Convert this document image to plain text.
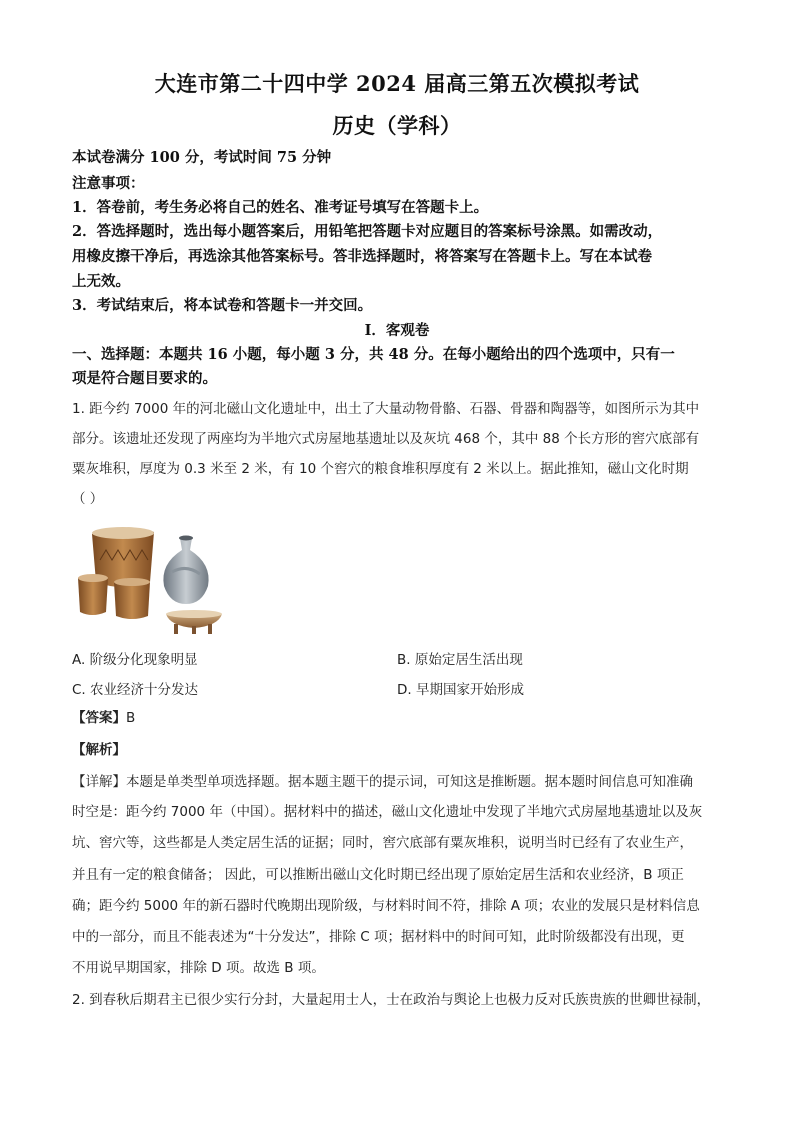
大连市第二十四中学 2024 届高三第五次模拟考试
历史（学科）
本试卷满分 100 分，考试时间 75 分钟
注意事项：
1．答卷前，考生务必将自己的姓名、准考证号填写在答题卡上。
2．答选择题时，选出每小题答案后，用铅笔把答题卡对应题目的答案标号涂黑。如需改动，
用橡皮擦干净后，再选涂其他答案标号。答非选择题时，将答案写在答题卡上。写在本试卷
上无效。
3．考试结束后，将本试卷和答题卡一并交回。
Ⅰ．客观卷
一、选择题：本题共 16 小题，每小题 3 分，共 48 分。在每小题给出的四个选项中，只有一
项是符合题目要求的。
1. 距今约 7000 年的河北磁山文化遗址中，出土了大量动物骨骼、石器、骨器和陶器等，如图所示为其中
部分。该遗址还发现了两座均为半地穴式房屋地基遗址以及灰坑 468 个，其中 88 个长方形的窖穴底部有
粟灰堆积，厚度为 0.3 米至 2 米，有 10 个窖穴的粮食堆积厚度有 2 米以上。据此推知，磁山文化时期
（ ）
A. 阶级分化现象明显	B. 原始定居生活出现
C. 农业经济十分发达	D. 早期国家开始形成
【答案】B
【解析】
【详解】本题是单类型单项选择题。据本题主题干的提示词，可知这是推断题。据本题时间信息可知准确
时空是：距今约 7000 年（中国）。据材料中的描述，磁山文化遗址中发现了半地穴式房屋地基遗址以及灰
坑、窖穴等，这些都是人类定居生活的证据；同时，窖穴底部有粟灰堆积，说明当时已经有了农业生产，
并且有一定的粮食储备； 因此，可以推断出磁山文化时期已经出现了原始定居生活和农业经济，B 项正
确；距今约 5000 年的新石器时代晚期出现阶级，与材料时间不符，排除 A 项；农业的发展只是材料信息
中的一部分，而且不能表述为“十分发达”，排除 C 项；据材料中的时间可知，此时阶级都没有出现，更
不用说早期国家，排除 D 项。故选 B 项。
2. 到春秋后期君主已很少实行分封，大量起用士人，士在政治与舆论上也极力反对氏族贵族的世卿世禄制，
